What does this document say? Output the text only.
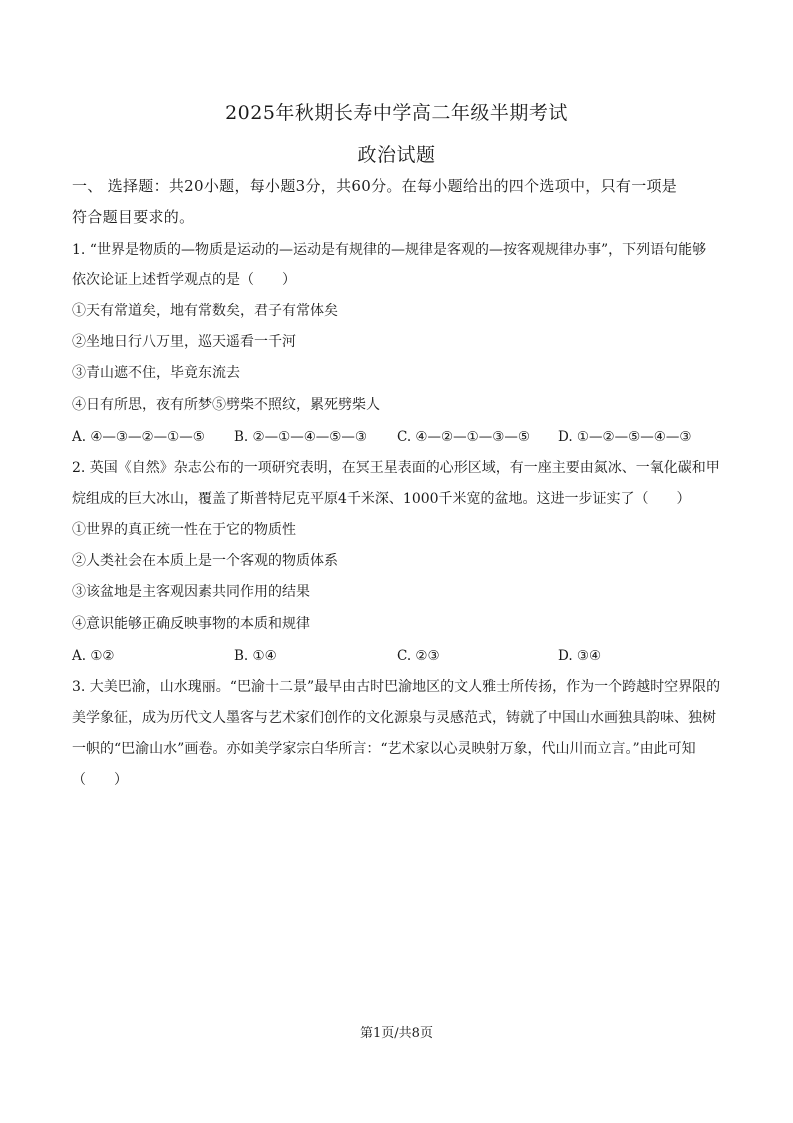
2025年秋期长寿中学高二年级半期考试
政治试题
一、 选择题：共20小题，每小题3分，共60分。在每小题给出的四个选项中，只有一项是
符合题目要求的。
1. “世界是物质的—物质是运动的—运动是有规律的—规律是客观的—按客观规律办事”，下列语句能够
依次论证上述哲学观点的是（　　）
①天有常道矣，地有常数矣，君子有常体矣
②坐地日行八万里，巡天遥看一千河
③青山遮不住，毕竟东流去
④日有所思，夜有所梦⑤劈柴不照纹，累死劈柴人
A. ④—③—②—①—⑤ B. ②—①—④—⑤—③ C. ④—②—①—③—⑤ D. ①—②—⑤—④—③
2. 英国《自然》杂志公布的一项研究表明，在冥王星表面的心形区域，有一座主要由氮冰、一氧化碳和甲
烷组成的巨大冰山，覆盖了斯普特尼克平原4千米深、1000千米宽的盆地。这进一步证实了（　　）
①世界的真正统一性在于它的物质性
②人类社会在本质上是一个客观的物质体系
③该盆地是主客观因素共同作用的结果
④意识能够正确反映事物的本质和规律
A. ①②	B. ①④	C. ②③	D. ③④
3. 大美巴渝，山水瑰丽。“巴渝十二景”最早由古时巴渝地区的文人雅士所传扬，作为一个跨越时空界限的
美学象征，成为历代文人墨客与艺术家们创作的文化源泉与灵感范式，铸就了中国山水画独具韵味、独树
一帜的“巴渝山水”画卷。亦如美学家宗白华所言：“艺术家以心灵映射万象，代山川而立言。”由此可知
（　　）
第1页/共8页
